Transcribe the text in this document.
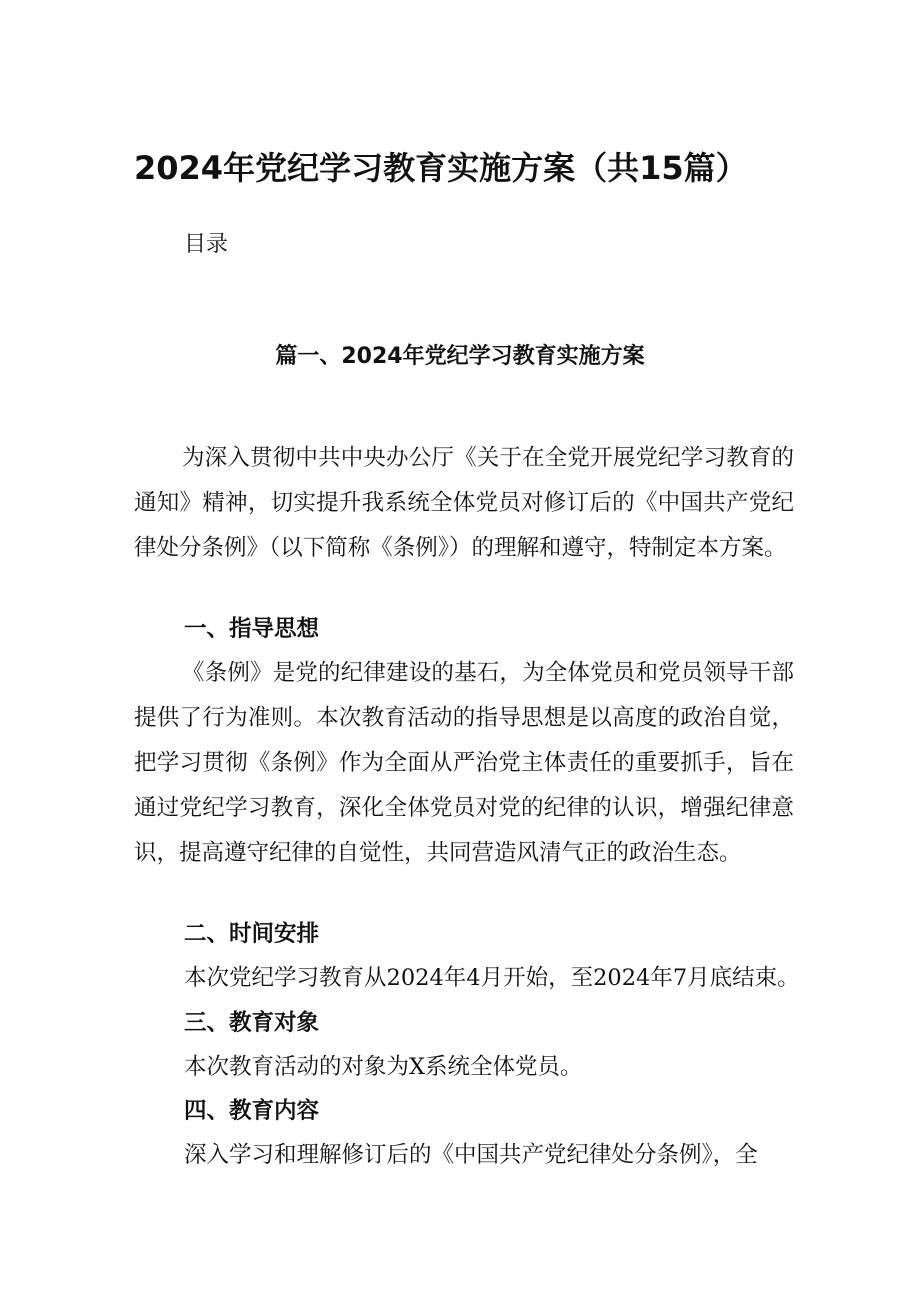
2024年党纪学习教育实施方案（共15篇）
目录
篇一、2024年党纪学习教育实施方案

为深入贯彻中共中央办公厅《关于在全党开展党纪学习教育的通知》精神，切实提升我系统全体党员对修订后的《中国共产党纪律处分条例》（以下简称《条例》）的理解和遵守，特制定本方案。

一、指导思想

《条例》是党的纪律建设的基石，为全体党员和党员领导干部提供了行为准则。本次教育活动的指导思想是以高度的政治自觉，把学习贯彻《条例》作为全面从严治党主体责任的重要抓手，旨在通过党纪学习教育，深化全体党员对党的纪律的认识，增强纪律意识，提高遵守纪律的自觉性，共同营造风清气正的政治生态。

二、时间安排
本次党纪学习教育从2024年4月开始，至2024年7月底结束。
三、教育对象
本次教育活动的对象为X系统全体党员。
四、教育内容
深入学习和理解修订后的《中国共产党纪律处分条例》，全
